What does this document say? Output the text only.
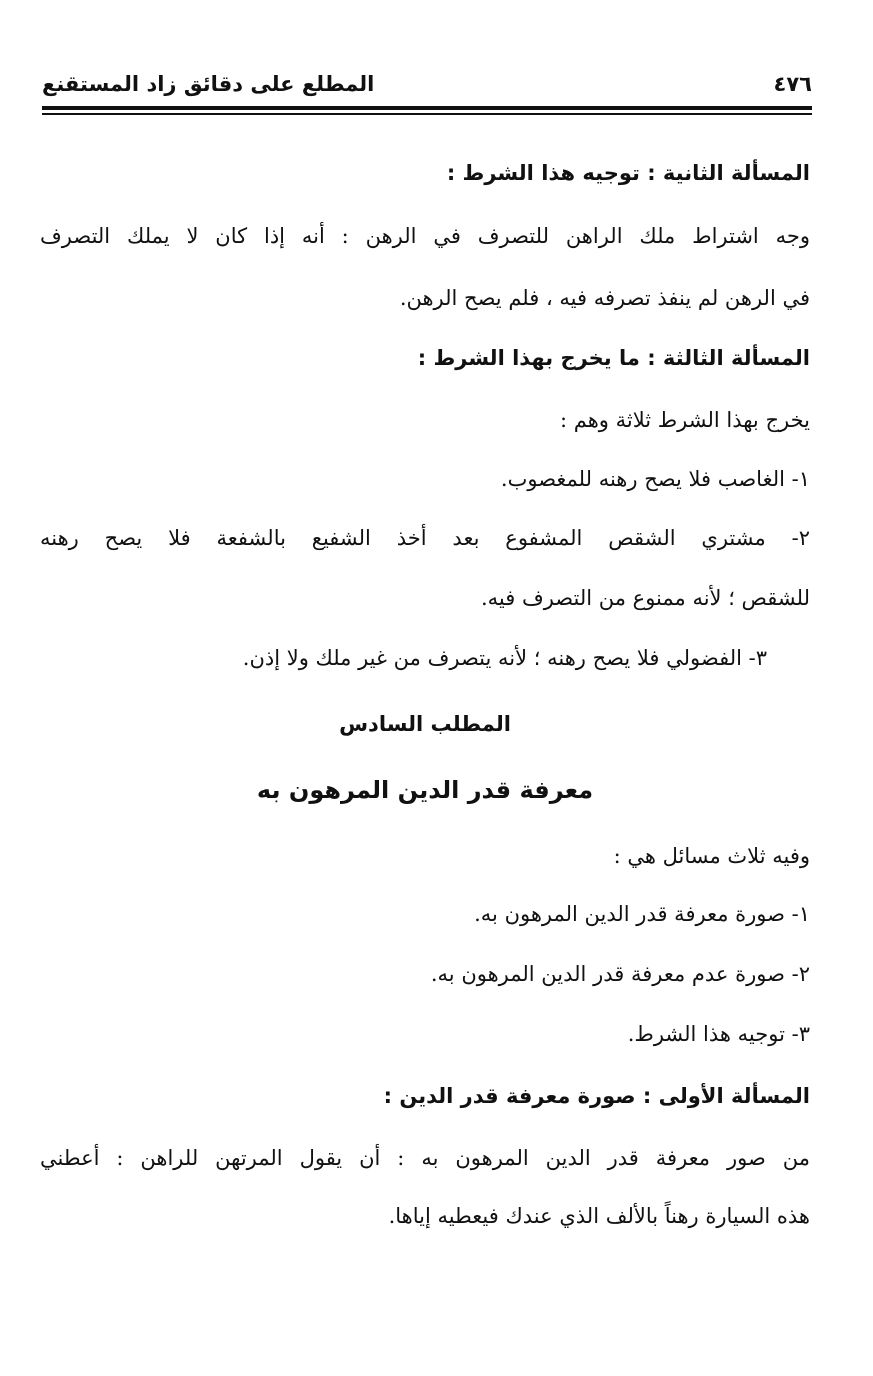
٤٧٦
المطلع على دقائق زاد المستقنع
المسألة الثانية : توجيه هذا الشرط :
وجه اشتراط ملك الراهن للتصرف في الرهن : أنه إذا كان لا يملك التصرف
في الرهن لم ينفذ تصرفه فيه ، فلم يصح الرهن.
المسألة الثالثة : ما يخرج بهذا الشرط :
يخرج بهذا الشرط ثلاثة وهم :
١- الغاصب فلا يصح رهنه للمغصوب.
٢- مشتري الشقص المشفوع بعد أخذ الشفيع بالشفعة فلا يصح رهنه
للشقص ؛ لأنه ممنوع من التصرف فيه.
٣- الفضولي فلا يصح رهنه ؛ لأنه يتصرف من غير ملك ولا إذن.
المطلب السادس
معرفة قدر الدين المرهون به
وفيه ثلاث مسائل هي :
١- صورة معرفة قدر الدين المرهون به.
٢- صورة عدم معرفة قدر الدين المرهون به.
٣- توجيه هذا الشرط.
المسألة الأولى : صورة معرفة قدر الدين :
من صور معرفة قدر الدين المرهون به : أن يقول المرتهن للراهن : أعطني
هذه السيارة رهناً بالألف الذي عندك فيعطيه إياها.
